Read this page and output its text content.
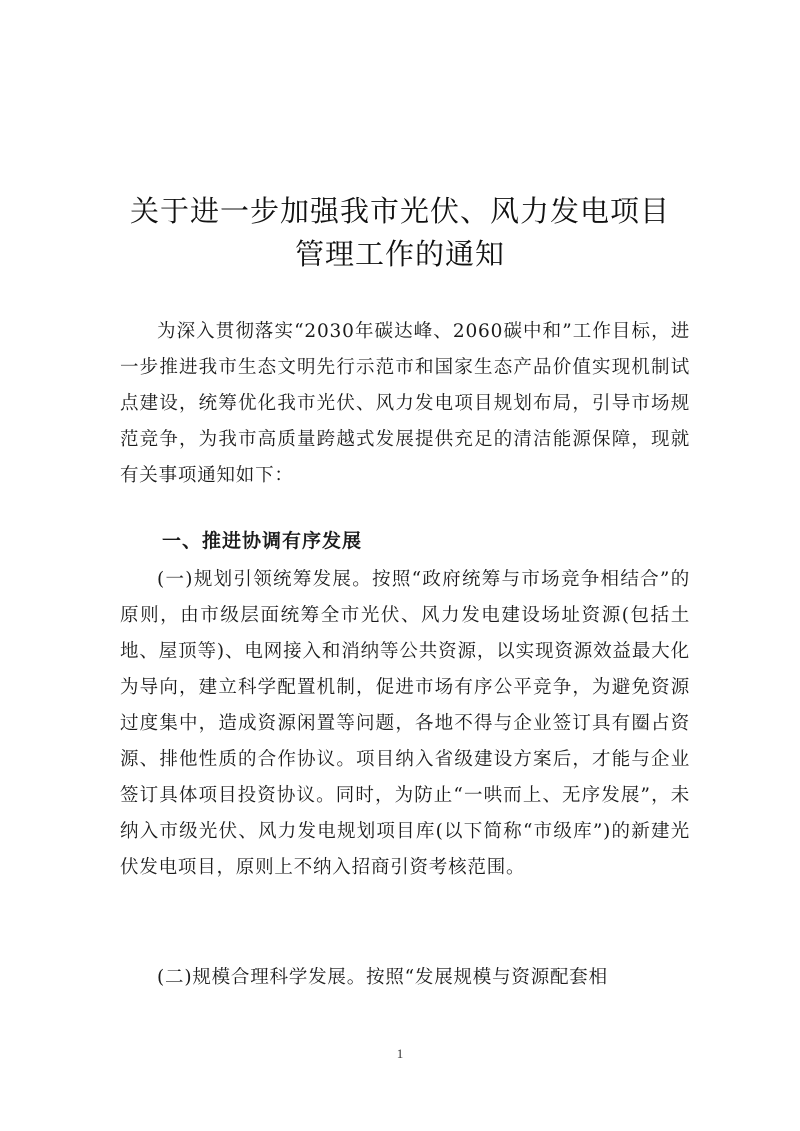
关于进一步加强我市光伏、风力发电项目
管理工作的通知

为深入贯彻落实“2030年碳达峰、2060碳中和”工作目标，进一步推进我市生态文明先行示范市和国家生态产品价值实现机制试点建设，统筹优化我市光伏、风力发电项目规划布局，引导市场规范竞争，为我市高质量跨越式发展提供充足的清洁能源保障，现就有关事项通知如下：

一、推进协调有序发展

(一)规划引领统筹发展。按照“政府统筹与市场竞争相结合”的原则，由市级层面统筹全市光伏、风力发电建设场址资源(包括土地、屋顶等)、电网接入和消纳等公共资源，以实现资源效益最大化为导向，建立科学配置机制，促进市场有序公平竞争，为避免资源过度集中，造成资源闲置等问题，各地不得与企业签订具有圈占资源、排他性质的合作协议。项目纳入省级建设方案后，才能与企业签订具体项目投资协议。同时，为防止“一哄而上、无序发展”，未纳入市级光伏、风力发电规划项目库(以下简称“市级库”)的新建光伏发电项目，原则上不纳入招商引资考核范围。

(二)规模合理科学发展。按照“发展规模与资源配套相

1
